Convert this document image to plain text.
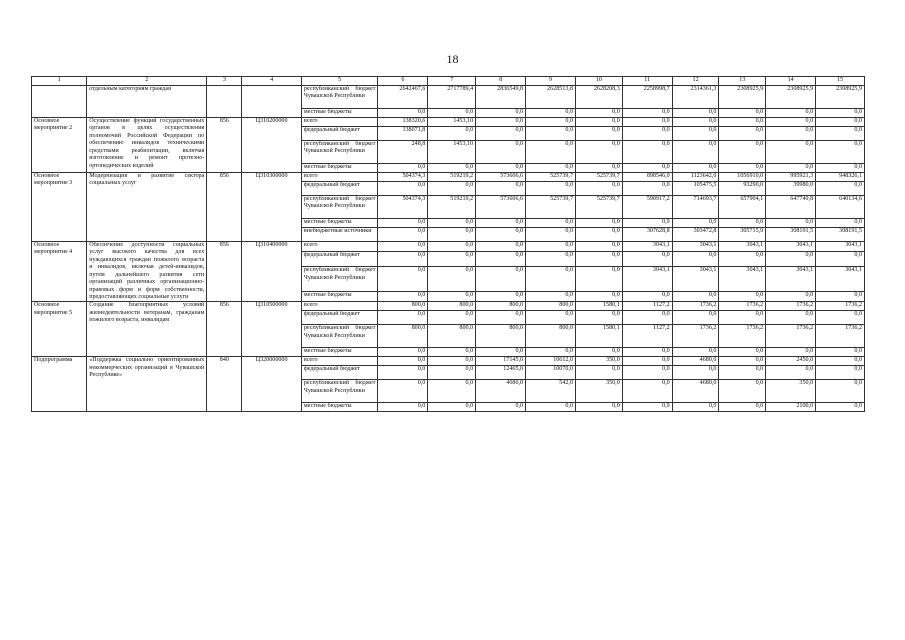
18
1	2	3	4	5	6	7	8	9	10	11	12	13	14	15
	отдельным категориям граждан			республиканский бюджет Чувашской Республики	2642467,6	2717789,4	2836549,8	2628513,8	2628208,3	2258998,7	2314361,3	2308925,9	2308925,9	2308925,9
				местные бюджеты	0,0	0,0	0,0	0,0	0,0	0,0	0,0	0,0	0,0	0,0
Основное мероприятие 2	Осуществление функций государственных органов в целях осуществления полномочий Российской Федерации по обеспечению инвалидов техническими средствами реабилитации, включая изготовление и ремонт протезно-ортопедических изделий	856	Ц310200000	всего	138320,6	1453,10	0,0	0,0	0,0	0,0	0,0	0,0	0,0	0,0
				федеральный бюджет	138071,8	0,0	0,0	0,0	0,0	0,0	0,0	0,0	0,0	0,0
				республиканский бюджет Чувашской Республики	248,8	1453,10	0,0	0,0	0,0	0,0	0,0	0,0	0,0	0,0
				местные бюджеты	0,0	0,0	0,0	0,0	0,0	0,0	0,0	0,0	0,0	0,0
Основное мероприятие 3	Модернизация и развитие сектора социальных услуг	856	Ц310300000	всего	504374,3	519219,2	573606,6	525739,7	525739,7	898546,0	1123642,0	1056910,0	995921,3	948326,1
				федеральный бюджет	0,0	0,0	0,0	0,0	0,0	0,0	105475,5	93290,0	39980,0	0,0
				республиканский бюджет Чувашской Республики	504374,3	519219,2	573606,6	525739,7	525739,7	590917,2	714693,7	657904,1	647749,8	640134,6
				местные бюджеты	0,0	0,0	0,0	0,0	0,0	0,0	0,0	0,0	0,0	0,0
				внебюджетные источники	0,0	0,0	0,0	0,0	0,0	307628,8	303472,8	305715,9	308191,5	308191,5
Основное мероприятие 4	Обеспечение доступности социальных услуг высокого качества для всех нуждающихся граждан пожилого возраста и инвалидов, включая детей-инвалидов, путем дальнейшего развития сети организаций различных организационно-правовых форм и форм собственности, предоставляющих социальные услуги	856	Ц310400000	всего	0,0	0,0	0,0	0,0	0,0	3043,1	3043,1	3043,1	3043,1	3043,1
				федеральный бюджет	0,0	0,0	0,0	0,0	0,0	0,0	0,0	0,0	0,0	0,0
				республиканский бюджет Чувашской Республики	0,0	0,0	0,0	0,0	0,0	3043,1	3043,1	3043,1	3043,1	3043,1
				местные бюджеты	0,0	0,0	0,0	0,0	0,0	0,0	0,0	0,0	0,0	0,0
Основное мероприятие 5	Создание благоприятных условий жизнедеятельности ветеранам, гражданам пожилого возраста, инвалидам	856	Ц310500000	всего	800,0	800,0	800,0	800,0	1580,1	1127,2	1736,2	1736,2	1736,2	1736,2
				федеральный бюджет	0,0	0,0	0,0	0,0	0,0	0,0	0,0	0,0	0,0	0,0
				республиканский бюджет Чувашской Республики	800,0	800,0	800,0	800,0	1580,1	1127,2	1736,2	1736,2	1736,2	1736,2
				местные бюджеты	0,0	0,0	0,0	0,0	0,0	0,0	0,0	0,0	0,0	0,0
Подпрограмма	«Поддержка социально ориентированных некоммерческих организаций в Чувашской Республике»	840	Ц320000000	всего	0,0	0,0	17145,0	10612,0	350,0	0,0	4680,0	0,0	2450,0	0,0
				федеральный бюджет	0,0	0,0	12465,0	10070,0	0,0	0,0	0,0	0,0	0,0	0,0
				республиканский бюджет Чувашской Республики	0,0	0,0	4680,0	542,0	350,0	0,0	4680,0	0,0	350,0	0,0
				местные бюджеты	0,0	0,0	0,0	0,0	0,0	0,0	0,0	0,0	2100,0	0,0
